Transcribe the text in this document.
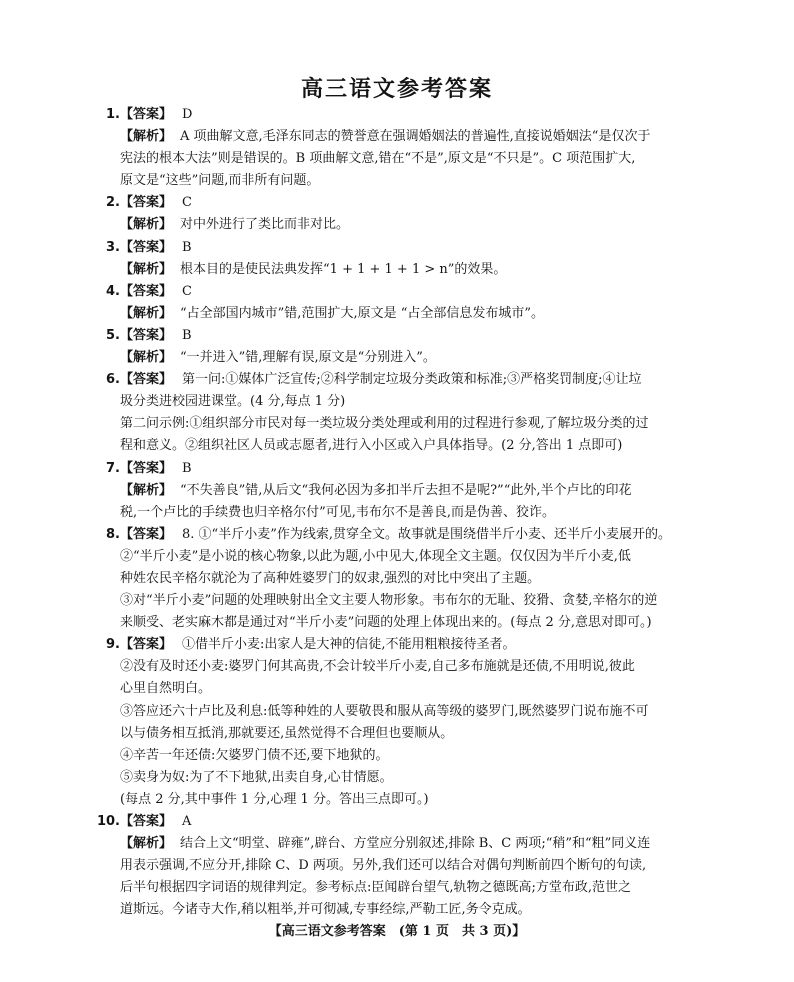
高三语文参考答案
1. 【答案】 D
【解析】 A 项曲解文意,毛泽东同志的赞誉意在强调婚姻法的普遍性,直接说婚姻法“是仅次于
宪法的根本大法”则是错误的。B 项曲解文意,错在“不是”,原文是“不只是”。C 项范围扩大,
原文是“这些”问题,而非所有问题。
2. 【答案】 C
【解析】 对中外进行了类比而非对比。
3. 【答案】 B
【解析】 根本目的是使民法典发挥“1 + 1 + 1 + 1 > n”的效果。
4. 【答案】 C
【解析】 “占全部国内城市”错,范围扩大,原文是 “占全部信息发布城市”。
5. 【答案】 B
【解析】 “一并进入”错,理解有误,原文是“分别进入”。
6. 【答案】 第一问:①媒体广泛宣传;②科学制定垃圾分类政策和标准;③严格奖罚制度;④让垃
圾分类进校园进课堂。(4 分,每点 1 分)
第二问示例:①组织部分市民对每一类垃圾分类处理或利用的过程进行参观,了解垃圾分类的过
程和意义。②组织社区人员或志愿者,进行入小区或入户具体指导。(2 分,答出 1 点即可)
7. 【答案】 B
【解析】 “不失善良”错,从后文“我何必因为多扣半斤去担不是呢?”“此外,半个卢比的印花
税,一个卢比的手续费也归辛格尔付”可见,韦布尔不是善良,而是伪善、狡诈。
8. 【答案】 8. ①“半斤小麦”作为线索,贯穿全文。故事就是围绕借半斤小麦、还半斤小麦展开的。
②“半斤小麦”是小说的核心物象,以此为题,小中见大,体现全文主题。仅仅因为半斤小麦,低
种姓农民辛格尔就沦为了高种姓婆罗门的奴隶,强烈的对比中突出了主题。
③对“半斤小麦”问题的处理映射出全文主要人物形象。韦布尔的无耻、狡猾、贪婪,辛格尔的逆
来顺受、老实麻木都是通过对“半斤小麦”问题的处理上体现出来的。(每点 2 分,意思对即可。)
9. 【答案】 ①借半斤小麦:出家人是大神的信徒,不能用粗粮接待圣者。
②没有及时还小麦:婆罗门何其高贵,不会计较半斤小麦,自己多布施就是还债,不用明说,彼此
心里自然明白。
③答应还六十卢比及利息:低等种姓的人要敬畏和服从高等级的婆罗门,既然婆罗门说布施不可
以与债务相互抵消,那就要还,虽然觉得不合理但也要顺从。
④辛苦一年还债:欠婆罗门债不还,要下地狱的。
⑤卖身为奴:为了不下地狱,出卖自身,心甘情愿。
(每点 2 分,其中事件 1 分,心理 1 分。答出三点即可。)
10. 【答案】 A
【解析】 结合上文“明堂、辟雍”,辟台、方堂应分别叙述,排除 B、C 两项;“稍”和“粗”同义连
用表示强调,不应分开,排除 C、D 两项。另外,我们还可以结合对偶句判断前四个断句的句读,
后半句根据四字词语的规律判定。参考标点:臣闻辟台望气,轨物之德既高;方堂布政,范世之
道斯远。今诸寺大作,稍以粗举,并可彻减,专事经综,严勒工匠,务令克成。
【高三语文参考答案　(第 1 页　共 3 页)】
